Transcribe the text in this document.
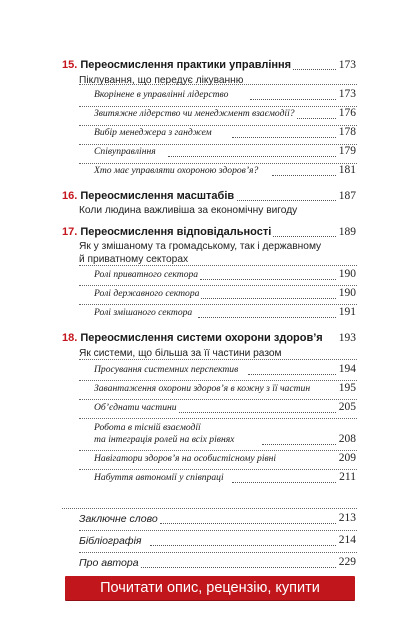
15. Переосмислення практики управління	173
Піклування, що передує лікуванню
Вкорінене в управлінні лідерство	173
Звитяжне лідерство чи менеджмент взаємодії?	176
Вибір менеджера з ганджем	178
Співуправління	179
Хто має управляти охороною здоров’я?	181
16. Переосмислення масштабів	187
Коли людина важливіша за економічну вигоду
17. Переосмислення відповідальності	189
Як у змішаному та громадському, так і державному
й приватному секторах
Ролі приватного сектора	190
Ролі державного сектора	190
Ролі змішаного сектора	191
18. Переосмислення системи охорони здоров’я 193
Як системи, що більша за її частини разом
Просування системних перспектив	194
Завантаження охорони здоров’я в кожну з її частин 195
Об’єднати частини	205
Робота в тісній взаємодії
та інтеграція ролей на всіх рівнях	208
Навігатори здоров’я на особистісному рівні	209
Набуття автономії у співпраці	211
Заключне слово	213
Бібліографія	214
Про автора	229
Почитати опис, рецензію, купити
